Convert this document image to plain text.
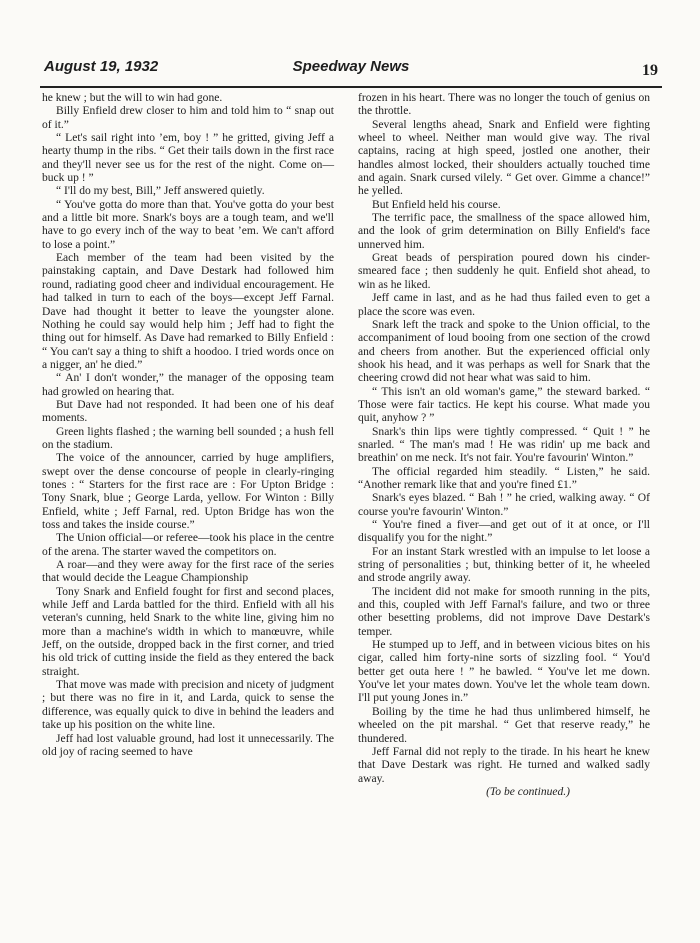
August 19, 1932	Speedway News	19

he knew ; but the will to win had gone.

Billy Enfield drew closer to him and told him to “ snap out of it.”

“ Let's sail right into ’em, boy ! ” he gritted, giving Jeff a hearty thump in the ribs. “ Get their tails down in the first race and they'll never see us for the rest of the night. Come on—buck up ! ”

“ I'll do my best, Bill,” Jeff answered quietly.

“ You've gotta do more than that. You've gotta do your best and a little bit more. Snark's boys are a tough team, and we'll have to go every inch of the way to beat ’em. We can't afford to lose a point.”

Each member of the team had been visited by the painstaking captain, and Dave Destark had followed him round, radiating good cheer and individual encouragement. He had talked in turn to each of the boys—except Jeff Farnal. Dave had thought it better to leave the youngster alone. Nothing he could say would help him ; Jeff had to fight the thing out for himself. As Dave had remarked to Billy Enfield : “ You can't say a thing to shift a hoodoo. I tried words once on a nigger, an' he died.”

“ An' I don't wonder,” the manager of the opposing team had growled on hearing that.

But Dave had not responded. It had been one of his deaf moments.

Green lights flashed ; the warning bell sounded ; a hush fell on the stadium.

The voice of the announcer, carried by huge amplifiers, swept over the dense concourse of people in clearly-ringing tones : “ Starters for the first race are : For Upton Bridge : Tony Snark, blue ; George Larda, yellow. For Winton : Billy Enfield, white ; Jeff Farnal, red. Upton Bridge has won the toss and takes the inside course.”

The Union official—or referee—took his place in the centre of the arena. The starter waved the competitors on.

A roar—and they were away for the first race of the series that would decide the League Championship

Tony Snark and Enfield fought for first and second places, while Jeff and Larda battled for the third. Enfield with all his veteran's cunning, held Snark to the white line, giving him no more than a machine's width in which to manœuvre, while Jeff, on the outside, dropped back in the first corner, and tried his old trick of cutting inside the field as they entered the back straight.

That move was made with precision and nicety of judgment ; but there was no fire in it, and Larda, quick to sense the difference, was equally quick to dive in behind the leaders and take up his position on the white line.

Jeff had lost valuable ground, had lost it unnecessarily. The old joy of racing seemed to have

frozen in his heart. There was no longer the touch of genius on the throttle.

Several lengths ahead, Snark and Enfield were fighting wheel to wheel. Neither man would give way. The rival captains, racing at high speed, jostled one another, their handles almost locked, their shoulders actually touched time and again. Snark cursed vilely. “ Get over. Gimme a chance!” he yelled.

But Enfield held his course.

The terrific pace, the smallness of the space allowed him, and the look of grim determination on Billy Enfield's face unnerved him.

Great beads of perspiration poured down his cinder-smeared face ; then suddenly he quit. Enfield shot ahead, to win as he liked.

Jeff came in last, and as he had thus failed even to get a place the score was even.

Snark left the track and spoke to the Union official, to the accompaniment of loud booing from one section of the crowd and cheers from another. But the experienced official only shook his head, and it was perhaps as well for Snark that the cheering crowd did not hear what was said to him.

“ This isn't an old woman's game,” the steward barked. “ Those were fair tactics. He kept his course. What made you quit, anyhow ? ”

Snark's thin lips were tightly compressed. “ Quit ! ” he snarled. “ The man's mad ! He was ridin' up me back and breathin' on me neck. It's not fair. You're favourin' Winton.”

The official regarded him steadily. “ Listen,” he said. “Another remark like that and you're fined £1.”

Snark's eyes blazed. “ Bah ! ” he cried, walking away. “ Of course you're favourin' Winton.”

“ You're fined a fiver—and get out of it at once, or I'll disqualify you for the night.”

For an instant Stark wrestled with an impulse to let loose a string of personalities ; but, thinking better of it, he wheeled and strode angrily away.

The incident did not make for smooth running in the pits, and this, coupled with Jeff Farnal's failure, and two or three other besetting problems, did not improve Dave Destark's temper.

He stumped up to Jeff, and in between vicious bites on his cigar, called him forty-nine sorts of sizzling fool. “ You'd better get outa here ! ” he bawled. “ You've let me down. You've let your mates down. You've let the whole team down. I'll put young Jones in.”

Boiling by the time he had thus unlimbered himself, he wheeled on the pit marshal. “ Get that reserve ready,” he thundered.

Jeff Farnal did not reply to the tirade. In his heart he knew that Dave Destark was right. He turned and walked sadly away.

(To be continued.)
